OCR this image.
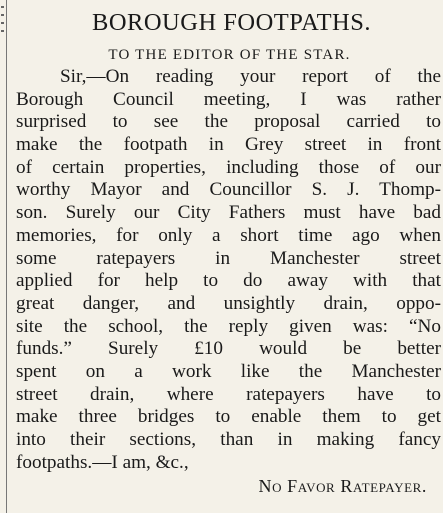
BOROUGH FOOTPATHS.
TO THE EDITOR OF THE STAR.
Sir,—On reading your report of the
Borough Council meeting, I was rather
surprised to see the proposal carried to
make the footpath in Grey street in front
of certain properties, including those of our
worthy Mayor and Councillor S. J. Thomp-
son. Surely our City Fathers must have bad
memories, for only a short time ago when
some ratepayers in Manchester street
applied for help to do away with that
great danger, and unsightly drain, oppo-
site the school, the reply given was: “No
funds.” Surely £10 would be better
spent on a work like the Manchester
street drain, where ratepayers have to
make three bridges to enable them to get
into their sections, than in making fancy
footpaths.—I am, &c.,
No Favor Ratepayer.
